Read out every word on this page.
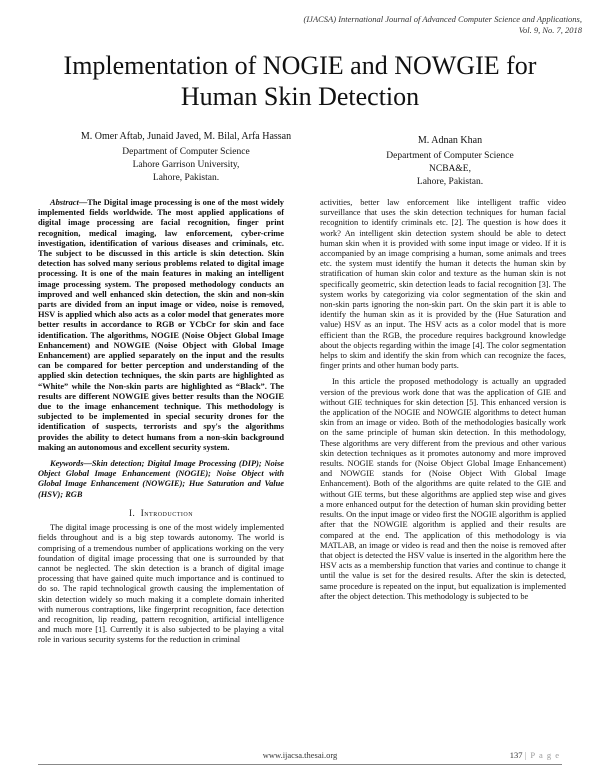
(IJACSA) International Journal of Advanced Computer Science and Applications,
Vol. 9, No. 7, 2018
Implementation of NOGIE and NOWGIE for Human Skin Detection
M. Omer Aftab, Junaid Javed, M. Bilal, Arfa Hassan
Department of Computer Science
Lahore Garrison University,
Lahore, Pakistan.
M. Adnan Khan
Department of Computer Science
NCBA&E,
Lahore, Pakistan.

Abstract—The Digital image processing is one of the most widely implemented fields worldwide. The most applied applications of digital image processing are facial recognition, finger print recognition, medical imaging, law enforcement, cyber-crime investigation, identification of various diseases and criminals, etc. The subject to be discussed in this article is skin detection. Skin detection has solved many serious problems related to digital image processing. It is one of the main features in making an intelligent image processing system. The proposed methodology conducts an improved and well enhanced skin detection, the skin and non-skin parts are divided from an input image or video, noise is removed, HSV is applied which also acts as a color model that generates more better results in accordance to RGB or YCbCr for skin and face identification. The algorithms, NOGIE (Noise Object Global Image Enhancement) and NOWGIE (Noise Object with Global Image Enhancement) are applied separately on the input and the results can be compared for better perception and understanding of the applied skin detection techniques, the skin parts are highlighted as “White” while the Non-skin parts are highlighted as “Black”. The results are different NOWGIE gives better results than the NOGIE due to the image enhancement technique. This methodology is subjected to be implemented in special security drones for the identification of suspects, terrorists and spy's the algorithms provides the ability to detect humans from a non-skin background making an autonomous and excellent security system.

Keywords—Skin detection; Digital Image Processing (DIP); Noise Object Global Image Enhancement (NOGIE); Noise Object with Global Image Enhancement (NOWGIE); Hue Saturation and Value (HSV); RGB

I. Introduction

The digital image processing is one of the most widely implemented fields throughout and is a big step towards autonomy. The world is comprising of a tremendous number of applications working on the very foundation of digital image processing that one is surrounded by that cannot be neglected. The skin detection is a branch of digital image processing that have gained quite much importance and is continued to do so. The rapid technological growth causing the implementation of skin detection widely so much making it a complete domain inherited with numerous contraptions, like fingerprint recognition, face detection and recognition, lip reading, pattern recognition, artificial intelligence and much more [1]. Currently it is also subjected to be playing a vital role in various security systems for the reduction in criminal

activities, better law enforcement like intelligent traffic video surveillance that uses the skin detection techniques for human facial recognition to identify criminals etc. [2]. The question is how does it work? An intelligent skin detection system should be able to detect human skin when it is provided with some input image or video. If it is accompanied by an image comprising a human, some animals and trees etc. the system must identify the human it detects the human skin by stratification of human skin color and texture as the human skin is not specifically geometric, skin detection leads to facial recognition [3]. The system works by categorizing via color segmentation of the skin and non-skin parts ignoring the non-skin part. On the skin part it is able to identify the human skin as it is provided by the (Hue Saturation and value) HSV as an input. The HSV acts as a color model that is more efficient than the RGB, the procedure requires background knowledge about the objects regarding within the image [4]. The color segmentation helps to skim and identify the skin from which can recognize the faces, finger prints and other human body parts.

In this article the proposed methodology is actually an upgraded version of the previous work done that was the application of GIE and without GIE techniques for skin detection [5]. This enhanced version is the application of the NOGIE and NOWGIE algorithms to detect human skin from an image or video. Both of the methodologies basically work on the same principle of human skin detection. In this methodology, These algorithms are very different from the previous and other various skin detection techniques as it promotes autonomy and more improved results. NOGIE stands for (Noise Object Global Image Enhancement) and NOWGIE stands for (Noise Object With Global Image Enhancement). Both of the algorithms are quite related to the GIE and without GIE terms, but these algorithms are applied step wise and gives a more enhanced output for the detection of human skin providing better results. On the input image or video first the NOGIE algorithm is applied after that the NOWGIE algorithm is applied and their results are compared at the end. The application of this methodology is via MATLAB, an image or video is read and then the noise is removed after that object is detected the HSV value is inserted in the algorithm here the HSV acts as a membership function that varies and continue to change it until the value is set for the desired results. After the skin is detected, same procedure is repeated on the input, but equalization is implemented after the object detection. This methodology is subjected to be

www.ijacsa.thesai.org	137 | P a g e
